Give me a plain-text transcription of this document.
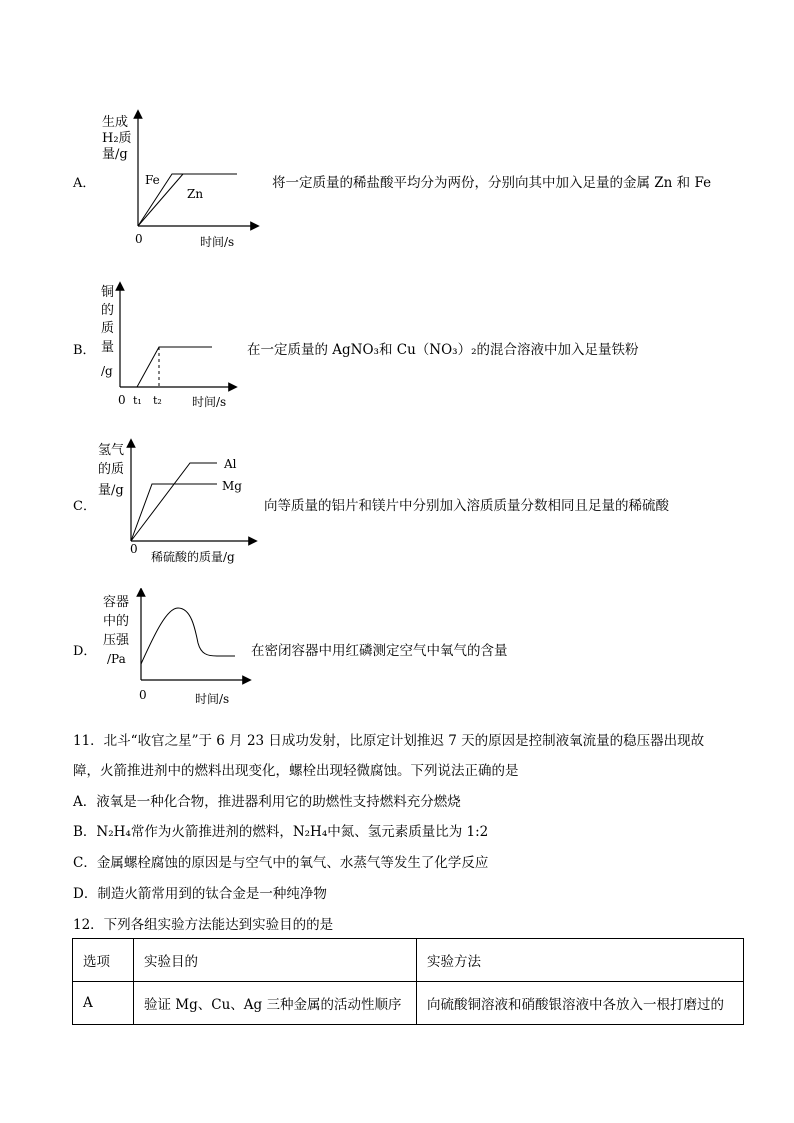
A．
生成
H₂质
量/g
Fe
Zn
0	时间/s
将一定质量的稀盐酸平均分为两份，分别向其中加入足量的金属 Zn 和 Fe
B．
铜
的
质
量
/g
0 t₁ t₂	时间/s
在一定质量的 AgNO₃和 Cu（NO₃）₂的混合溶液中加入足量铁粉
C．
氢气
的质
量/g
Al
Mg
0
稀硫酸的质量/g
向等质量的铝片和镁片中分别加入溶质质量分数相同且足量的稀硫酸
D．
容器
中的
压强
/Pa
0	时间/s
在密闭容器中用红磷测定空气中氧气的含量
11．北斗“收官之星”于 6 月 23 日成功发射，比原定计划推迟 7 天的原因是控制液氧流量的稳压器出现故
障，火箭推进剂中的燃料出现变化，螺栓出现轻微腐蚀。下列说法正确的是
A．液氧是一种化合物，推进器利用它的助燃性支持燃料充分燃烧
B．N₂H₄常作为火箭推进剂的燃料，N₂H₄中氮、氢元素质量比为 1:2
C．金属螺栓腐蚀的原因是与空气中的氧气、水蒸气等发生了化学反应
D．制造火箭常用到的钛合金是一种纯净物
12．下列各组实验方法能达到实验目的的是
选项	实验目的	实验方法
A	验证 Mg、Cu、Ag 三种金属的活动性顺序	向硫酸铜溶液和硝酸银溶液中各放入一根打磨过的
